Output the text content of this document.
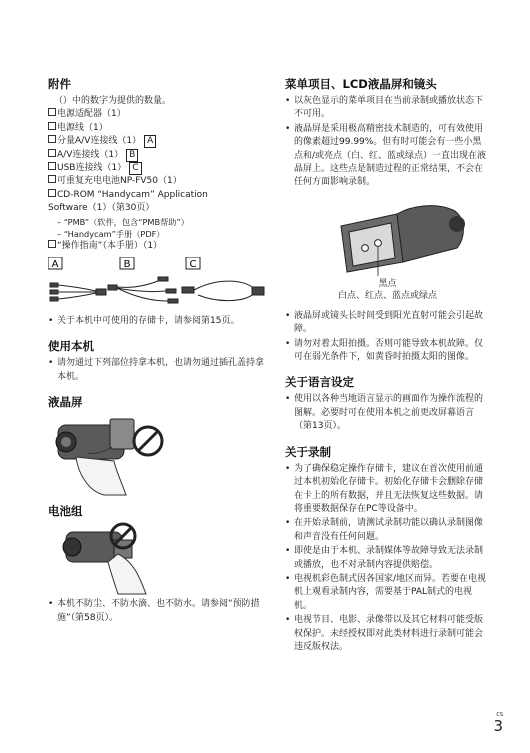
附件

（）中的数字为提供的数量。

电源适配器（1）
电源线（1）
分量A/V连接线（1） A
A/V连接线（1） B
USB连接线（1） C
可重复充电电池NP-FV50（1）
CD-ROM “Handycam” Application
Software（1）（第30页）
– “PMB”（软件，包含“PMB帮助”）
– “Handycam”手册（PDF）
“操作指南”（本手册）（1）
A	B	C
• 关于本机中可使用的存储卡，请参阅第15页。
使用本机
• 请勿通过下列部位持拿本机，也请勿通过插孔盖持拿本机。
液晶屏
电池组
• 本机不防尘、不防水滴、也不防水。请参阅“预防措施”（第58页）。
菜单项目、LCD液晶屏和镜头
• 以灰色显示的菜单项目在当前录制或播放状态下不可用。
• 液晶屏是采用极高精密技术制造的，可有效使用的像素超过99.99%。但有时可能会有一些小黑点和/或亮点（白、红、蓝或绿点）一直出现在液晶屏上。这些点是制造过程的正常结果，不会在任何方面影响录制。
黑点
白点、红点、蓝点或绿点
• 液晶屏或镜头长时间受到阳光直射可能会引起故障。
• 请勿对着太阳拍摄。否则可能导致本机故障。仅可在弱光条件下，如黄昏时拍摄太阳的图像。
关于语言设定
• 使用以各种当地语言显示的画面作为操作流程的图解。必要时可在使用本机之前更改屏幕语言（第13页）。
关于录制
• 为了确保稳定操作存储卡，建议在首次使用前通过本机初始化存储卡。初始化存储卡会删除存储在卡上的所有数据，并且无法恢复这些数据。请将重要数据保存在PC等设备中。
• 在开始录制前，请测试录制功能以确认录制图像和声音没有任何问题。
• 即使是由于本机、录制媒体等故障导致无法录制或播放，也不对录制内容提供赔偿。
• 电视机彩色制式因各国家/地区而异。若要在电视机上观看录制内容，需要基于PAL制式的电视机。
• 电视节目、电影、录像带以及其它材料可能受版权保护。未经授权即对此类材料进行录制可能会违反版权法。
CS
3
